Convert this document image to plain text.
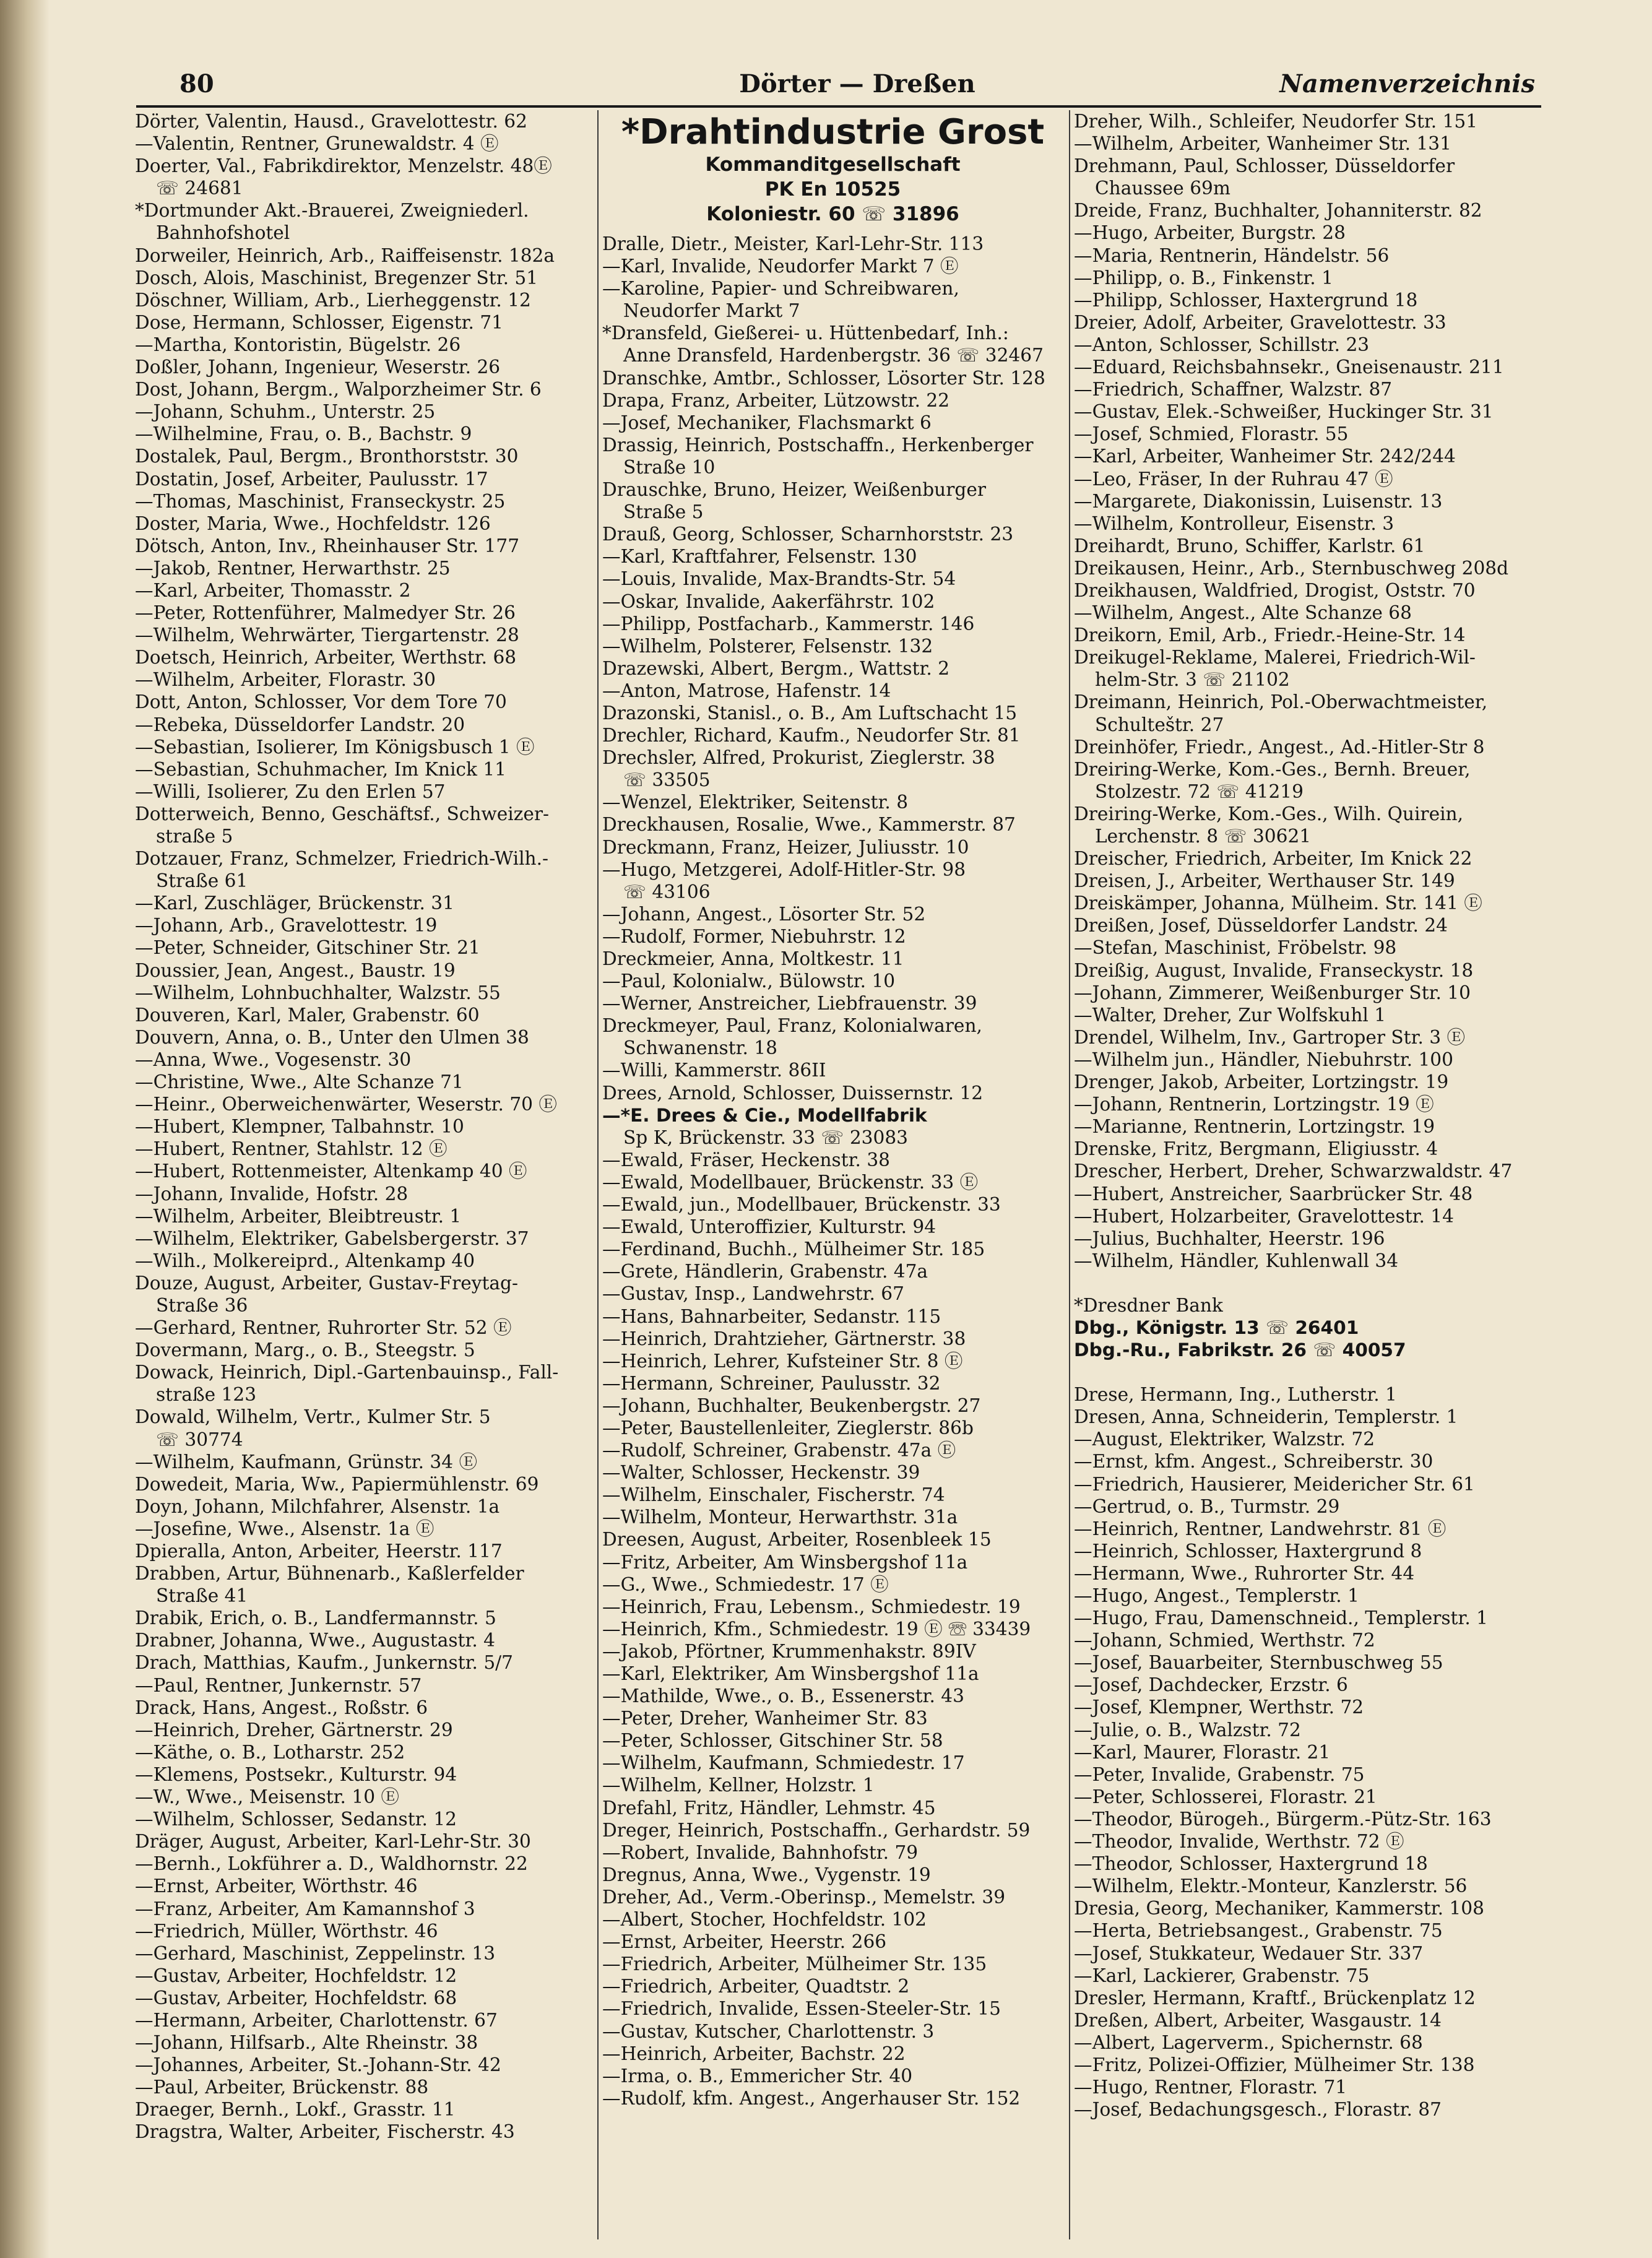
80	Dörter — Dreßen	Namenverzeichnis
Dörter, Valentin, Hausd., Gravelottestr. 62
—Valentin, Rentner, Grunewaldstr. 4 Ⓔ
Doerter, Val., Fabrikdirektor, Menzelstr. 48Ⓔ
☏ 24681
*Dortmunder Akt.-Brauerei, Zweigniederl.
Bahnhofshotel
Dorweiler, Heinrich, Arb., Raiffeisenstr. 182a
Dosch, Alois, Maschinist, Bregenzer Str. 51
Döschner, William, Arb., Lierheggenstr. 12
Dose, Hermann, Schlosser, Eigenstr. 71
—Martha, Kontoristin, Bügelstr. 26
Doßler, Johann, Ingenieur, Weserstr. 26
Dost, Johann, Bergm., Walporzheimer Str. 6
—Johann, Schuhm., Unterstr. 25
—Wilhelmine, Frau, o. B., Bachstr. 9
Dostalek, Paul, Bergm., Bronthorststr. 30
Dostatin, Josef, Arbeiter, Paulusstr. 17
—Thomas, Maschinist, Franseckystr. 25
Doster, Maria, Wwe., Hochfeldstr. 126
Dötsch, Anton, Inv., Rheinhauser Str. 177
—Jakob, Rentner, Herwarthstr. 25
—Karl, Arbeiter, Thomasstr. 2
—Peter, Rottenführer, Malmedyer Str. 26
—Wilhelm, Wehrwärter, Tiergartenstr. 28
Doetsch, Heinrich, Arbeiter, Werthstr. 68
—Wilhelm, Arbeiter, Florastr. 30
Dott, Anton, Schlosser, Vor dem Tore 70
—Rebeka, Düsseldorfer Landstr. 20
—Sebastian, Isolierer, Im Königsbusch 1 Ⓔ
—Sebastian, Schuhmacher, Im Knick 11
—Willi, Isolierer, Zu den Erlen 57
Dotterweich, Benno, Geschäftsf., Schweizer-
straße 5
Dotzauer, Franz, Schmelzer, Friedrich-Wilh.-
Straße 61
—Karl, Zuschläger, Brückenstr. 31
—Johann, Arb., Gravelottestr. 19
—Peter, Schneider, Gitschiner Str. 21
Doussier, Jean, Angest., Baustr. 19
—Wilhelm, Lohnbuchhalter, Walzstr. 55
Douveren, Karl, Maler, Grabenstr. 60
Douvern, Anna, o. B., Unter den Ulmen 38
—Anna, Wwe., Vogesenstr. 30
—Christine, Wwe., Alte Schanze 71
—Heinr., Oberweichenwärter, Weserstr. 70 Ⓔ
—Hubert, Klempner, Talbahnstr. 10
—Hubert, Rentner, Stahlstr. 12 Ⓔ
—Hubert, Rottenmeister, Altenkamp 40 Ⓔ
—Johann, Invalide, Hofstr. 28
—Wilhelm, Arbeiter, Bleibtreustr. 1
—Wilhelm, Elektriker, Gabelsbergerstr. 37
—Wilh., Molkereiprd., Altenkamp 40
Douze, August, Arbeiter, Gustav-Freytag-
Straße 36
—Gerhard, Rentner, Ruhrorter Str. 52 Ⓔ
Dovermann, Marg., o. B., Steegstr. 5
Dowack, Heinrich, Dipl.-Gartenbauinsp., Fall-
straße 123
Dowald, Wilhelm, Vertr., Kulmer Str. 5
☏ 30774
—Wilhelm, Kaufmann, Grünstr. 34 Ⓔ
Dowedeit, Maria, Ww., Papiermühlenstr. 69
Doyn, Johann, Milchfahrer, Alsenstr. 1a
—Josefine, Wwe., Alsenstr. 1a Ⓔ
Dpieralla, Anton, Arbeiter, Heerstr. 117
Drabben, Artur, Bühnenarb., Kaßlerfelder
Straße 41
Drabik, Erich, o. B., Landfermannstr. 5
Drabner, Johanna, Wwe., Augustastr. 4
Drach, Matthias, Kaufm., Junkernstr. 5/7
—Paul, Rentner, Junkernstr. 57
Drack, Hans, Angest., Roßstr. 6
—Heinrich, Dreher, Gärtnerstr. 29
—Käthe, o. B., Lotharstr. 252
—Klemens, Postsekr., Kulturstr. 94
—W., Wwe., Meisenstr. 10 Ⓔ
—Wilhelm, Schlosser, Sedanstr. 12
Dräger, August, Arbeiter, Karl-Lehr-Str. 30
—Bernh., Lokführer a. D., Waldhornstr. 22
—Ernst, Arbeiter, Wörthstr. 46
—Franz, Arbeiter, Am Kamannshof 3
—Friedrich, Müller, Wörthstr. 46
—Gerhard, Maschinist, Zeppelinstr. 13
—Gustav, Arbeiter, Hochfeldstr. 12
—Gustav, Arbeiter, Hochfeldstr. 68
—Hermann, Arbeiter, Charlottenstr. 67
—Johann, Hilfsarb., Alte Rheinstr. 38
—Johannes, Arbeiter, St.-Johann-Str. 42
—Paul, Arbeiter, Brückenstr. 88
Draeger, Bernh., Lokf., Grasstr. 11
Dragstra, Walter, Arbeiter, Fischerstr. 43
*Drahtindustrie Grost
Kommanditgesellschaft
PK En 10525
Koloniestr. 60 ☏ 31896
Dralle, Dietr., Meister, Karl-Lehr-Str. 113
—Karl, Invalide, Neudorfer Markt 7 Ⓔ
—Karoline, Papier- und Schreibwaren,
Neudorfer Markt 7
*Dransfeld, Gießerei- u. Hüttenbedarf, Inh.:
Anne Dransfeld, Hardenbergstr. 36 ☏ 32467
Dranschke, Amtbr., Schlosser, Lösorter Str. 128
Drapa, Franz, Arbeiter, Lützowstr. 22
—Josef, Mechaniker, Flachsmarkt 6
Drassig, Heinrich, Postschaffn., Herkenberger
Straße 10
Drauschke, Bruno, Heizer, Weißenburger
Straße 5
Drauß, Georg, Schlosser, Scharnhorststr. 23
—Karl, Kraftfahrer, Felsenstr. 130
—Louis, Invalide, Max-Brandts-Str. 54
—Oskar, Invalide, Aakerfährstr. 102
—Philipp, Postfacharb., Kammerstr. 146
—Wilhelm, Polsterer, Felsenstr. 132
Drazewski, Albert, Bergm., Wattstr. 2
—Anton, Matrose, Hafenstr. 14
Drazonski, Stanisl., o. B., Am Luftschacht 15
Drechler, Richard, Kaufm., Neudorfer Str. 81
Drechsler, Alfred, Prokurist, Zieglerstr. 38
☏ 33505
—Wenzel, Elektriker, Seitenstr. 8
Dreckhausen, Rosalie, Wwe., Kammerstr. 87
Dreckmann, Franz, Heizer, Juliusstr. 10
—Hugo, Metzgerei, Adolf-Hitler-Str. 98
☏ 43106
—Johann, Angest., Lösorter Str. 52
—Rudolf, Former, Niebuhrstr. 12
Dreckmeier, Anna, Moltkestr. 11
—Paul, Kolonialw., Bülowstr. 10
—Werner, Anstreicher, Liebfrauenstr. 39
Dreckmeyer, Paul, Franz, Kolonialwaren,
Schwanenstr. 18
—Willi, Kammerstr. 86II
Drees, Arnold, Schlosser, Duissernstr. 12
—*E. Drees & Cie., Modellfabrik
Sp K, Brückenstr. 33 ☏ 23083
—Ewald, Fräser, Heckenstr. 38
—Ewald, Modellbauer, Brückenstr. 33 Ⓔ
—Ewald, jun., Modellbauer, Brückenstr. 33
—Ewald, Unteroffizier, Kulturstr. 94
—Ferdinand, Buchh., Mülheimer Str. 185
—Grete, Händlerin, Grabenstr. 47a
—Gustav, Insp., Landwehrstr. 67
—Hans, Bahnarbeiter, Sedanstr. 115
—Heinrich, Drahtzieher, Gärtnerstr. 38
—Heinrich, Lehrer, Kufsteiner Str. 8 Ⓔ
—Hermann, Schreiner, Paulusstr. 32
—Johann, Buchhalter, Beukenbergstr. 27
—Peter, Baustellenleiter, Zieglerstr. 86b
—Rudolf, Schreiner, Grabenstr. 47a Ⓔ
—Walter, Schlosser, Heckenstr. 39
—Wilhelm, Einschaler, Fischerstr. 74
—Wilhelm, Monteur, Herwarthstr. 31a
Dreesen, August, Arbeiter, Rosenbleek 15
—Fritz, Arbeiter, Am Winsbergshof 11a
—G., Wwe., Schmiedestr. 17 Ⓔ
—Heinrich, Frau, Lebensm., Schmiedestr. 19
—Heinrich, Kfm., Schmiedestr. 19 Ⓔ ☏ 33439
—Jakob, Pförtner, Krummenhakstr. 89IV
—Karl, Elektriker, Am Winsbergshof 11a
—Mathilde, Wwe., o. B., Essenerstr. 43
—Peter, Dreher, Wanheimer Str. 83
—Peter, Schlosser, Gitschiner Str. 58
—Wilhelm, Kaufmann, Schmiedestr. 17
—Wilhelm, Kellner, Holzstr. 1
Drefahl, Fritz, Händler, Lehmstr. 45
Dreger, Heinrich, Postschaffn., Gerhardstr. 59
—Robert, Invalide, Bahnhofstr. 79
Dregnus, Anna, Wwe., Vygenstr. 19
Dreher, Ad., Verm.-Oberinsp., Memelstr. 39
—Albert, Stocher, Hochfeldstr. 102
—Ernst, Arbeiter, Heerstr. 266
—Friedrich, Arbeiter, Mülheimer Str. 135
—Friedrich, Arbeiter, Quadtstr. 2
—Friedrich, Invalide, Essen-Steeler-Str. 15
—Gustav, Kutscher, Charlottenstr. 3
—Heinrich, Arbeiter, Bachstr. 22
—Irma, o. B., Emmericher Str. 40
—Rudolf, kfm. Angest., Angerhauser Str. 152
Dreher, Wilh., Schleifer, Neudorfer Str. 151
—Wilhelm, Arbeiter, Wanheimer Str. 131
Drehmann, Paul, Schlosser, Düsseldorfer
Chaussee 69m
Dreide, Franz, Buchhalter, Johanniterstr. 82
—Hugo, Arbeiter, Burgstr. 28
—Maria, Rentnerin, Händelstr. 56
—Philipp, o. B., Finkenstr. 1
—Philipp, Schlosser, Haxtergrund 18
Dreier, Adolf, Arbeiter, Gravelottestr. 33
—Anton, Schlosser, Schillstr. 23
—Eduard, Reichsbahnsekr., Gneisenaustr. 211
—Friedrich, Schaffner, Walzstr. 87
—Gustav, Elek.-Schweißer, Huckinger Str. 31
—Josef, Schmied, Florastr. 55
—Karl, Arbeiter, Wanheimer Str. 242/244
—Leo, Fräser, In der Ruhrau 47 Ⓔ
—Margarete, Diakonissin, Luisenstr. 13
—Wilhelm, Kontrolleur, Eisenstr. 3
Dreihardt, Bruno, Schiffer, Karlstr. 61
Dreikausen, Heinr., Arb., Sternbuschweg 208d
Dreikhausen, Waldfried, Drogist, Oststr. 70
—Wilhelm, Angest., Alte Schanze 68
Dreikorn, Emil, Arb., Friedr.-Heine-Str. 14
Dreikugel-Reklame, Malerei, Friedrich-Wil-
helm-Str. 3 ☏ 21102
Dreimann, Heinrich, Pol.-Oberwachtmeister,
Schulteštr. 27
Dreinhöfer, Friedr., Angest., Ad.-Hitler-Str 8
Dreiring-Werke, Kom.-Ges., Bernh. Breuer,
Stolzestr. 72 ☏ 41219
Dreiring-Werke, Kom.-Ges., Wilh. Quirein,
Lerchenstr. 8 ☏ 30621
Dreischer, Friedrich, Arbeiter, Im Knick 22
Dreisen, J., Arbeiter, Werthauser Str. 149
Dreiskämper, Johanna, Mülheim. Str. 141 Ⓔ
Dreißen, Josef, Düsseldorfer Landstr. 24
—Stefan, Maschinist, Fröbelstr. 98
Dreißig, August, Invalide, Franseckystr. 18
—Johann, Zimmerer, Weißenburger Str. 10
—Walter, Dreher, Zur Wolfskuhl 1
Drendel, Wilhelm, Inv., Gartroper Str. 3 Ⓔ
—Wilhelm jun., Händler, Niebuhrstr. 100
Drenger, Jakob, Arbeiter, Lortzingstr. 19
—Johann, Rentnerin, Lortzingstr. 19 Ⓔ
—Marianne, Rentnerin, Lortzingstr. 19
Drenske, Fritz, Bergmann, Eligiusstr. 4
Drescher, Herbert, Dreher, Schwarzwaldstr. 47
—Hubert, Anstreicher, Saarbrücker Str. 48
—Hubert, Holzarbeiter, Gravelottestr. 14
—Julius, Buchhalter, Heerstr. 196
—Wilhelm, Händler, Kuhlenwall 34
*Dresdner Bank
Dbg., Königstr. 13 ☏ 26401
Dbg.-Ru., Fabrikstr. 26 ☏ 40057
Drese, Hermann, Ing., Lutherstr. 1
Dresen, Anna, Schneiderin, Templerstr. 1
—August, Elektriker, Walzstr. 72
—Ernst, kfm. Angest., Schreiberstr. 30
—Friedrich, Hausierer, Meidericher Str. 61
—Gertrud, o. B., Turmstr. 29
—Heinrich, Rentner, Landwehrstr. 81 Ⓔ
—Heinrich, Schlosser, Haxtergrund 8
—Hermann, Wwe., Ruhrorter Str. 44
—Hugo, Angest., Templerstr. 1
—Hugo, Frau, Damenschneid., Templerstr. 1
—Johann, Schmied, Werthstr. 72
—Josef, Bauarbeiter, Sternbuschweg 55
—Josef, Dachdecker, Erzstr. 6
—Josef, Klempner, Werthstr. 72
—Julie, o. B., Walzstr. 72
—Karl, Maurer, Florastr. 21
—Peter, Invalide, Grabenstr. 75
—Peter, Schlosserei, Florastr. 21
—Theodor, Bürogeh., Bürgerm.-Pütz-Str. 163
—Theodor, Invalide, Werthstr. 72 Ⓔ
—Theodor, Schlosser, Haxtergrund 18
—Wilhelm, Elektr.-Monteur, Kanzlerstr. 56
Dresia, Georg, Mechaniker, Kammerstr. 108
—Herta, Betriebsangest., Grabenstr. 75
—Josef, Stukkateur, Wedauer Str. 337
—Karl, Lackierer, Grabenstr. 75
Dresler, Hermann, Kraftf., Brückenplatz 12
Dreßen, Albert, Arbeiter, Wasgaustr. 14
—Albert, Lagerverm., Spichernstr. 68
—Fritz, Polizei-Offizier, Mülheimer Str. 138
—Hugo, Rentner, Florastr. 71
—Josef, Bedachungsgesch., Florastr. 87
